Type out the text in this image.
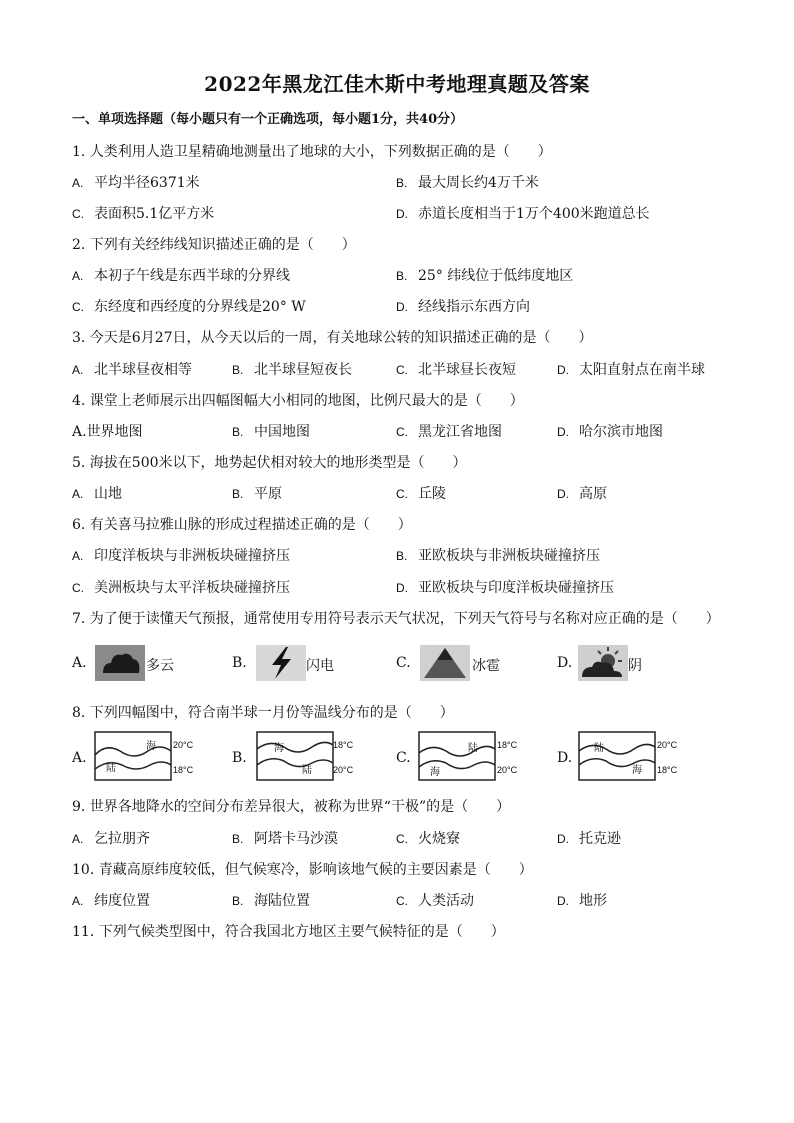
2022年黑龙江佳木斯中考地理真题及答案
一、单项选择题（每小题只有一个正确选项，每小题1分，共40分）
1. 人类利用人造卫星精确地测量出了地球的大小，下列数据正确的是（　　）
A. 平均半径6371米	B. 最大周长约4万千米
C. 表面积5.1亿平方米	D. 赤道长度相当于1万个400米跑道总长
2. 下列有关经纬线知识描述正确的是（　　）
A. 本初子午线是东西半球的分界线	B. 25° 纬线位于低纬度地区
C. 东经度和西经度的分界线是20° W	D. 经线指示东西方向
3. 今天是6月27日，从今天以后的一周，有关地球公转的知识描述正确的是（　　）
A. 北半球昼夜相等	B. 北半球昼短夜长	C. 北半球昼长夜短	D. 太阳直射点在南半球
4. 课堂上老师展示出四幅图幅大小相同的地图，比例尺最大的是（　　）
A.世界地图	B. 中国地图	C. 黑龙江省地图	D. 哈尔滨市地图
5. 海拔在500米以下，地势起伏相对较大的地形类型是（　　）
A. 山地	B. 平原	C. 丘陵	D. 高原
6. 有关喜马拉雅山脉的形成过程描述正确的是（　　）
A. 印度洋板块与非洲板块碰撞挤压	B. 亚欧板块与非洲板块碰撞挤压
C. 美洲板块与太平洋板块碰撞挤压	D. 亚欧板块与印度洋板块碰撞挤压
7. 为了便于读懂天气预报，通常使用专用符号表示天气状况，下列天气符号与名称对应正确的是（　　）
A.	多云	B.	闪电	C.	冰雹	D.	阴
8. 下列四幅图中，符合南半球一月份等温线分布的是（　　）
A.
海
陆
20°C
18°C
B.
海
陆
18°C
20°C
C.
陆
海
18°C
20°C
D.
陆
海
20°C
18°C
9. 世界各地降水的空间分布差异很大，被称为世界“干极”的是（　　）
A. 乞拉朋齐	B. 阿塔卡马沙漠	C. 火烧寮	D. 托克逊
10. 青藏高原纬度较低，但气候寒冷，影响该地气候的主要因素是（　　）
A. 纬度位置	B. 海陆位置	C. 人类活动	D. 地形
11. 下列气候类型图中，符合我国北方地区主要气候特征的是（　　）
